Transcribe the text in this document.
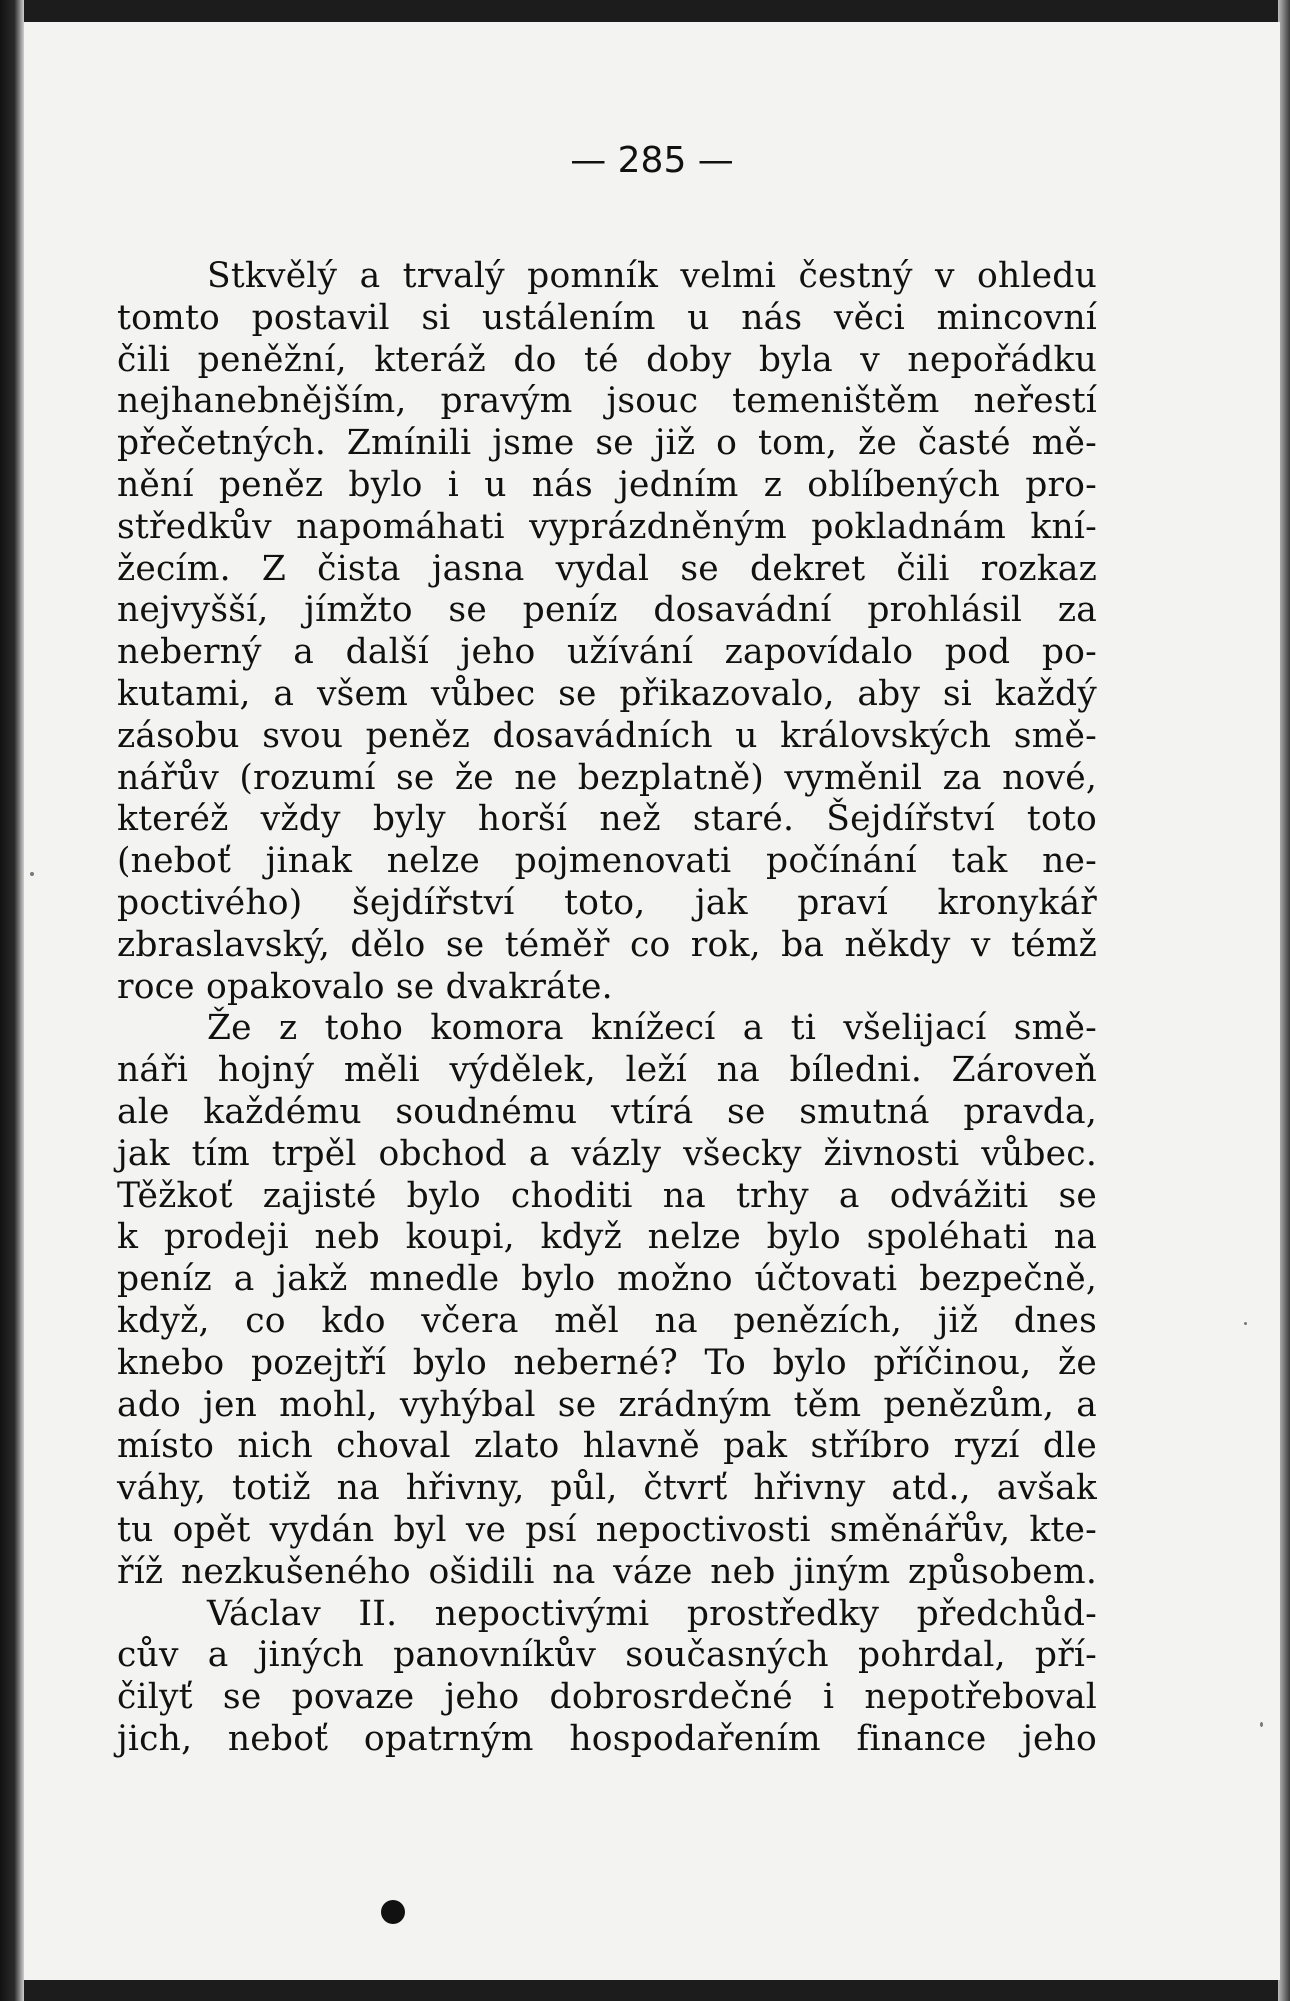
— 285 —
Stkvělý a trvalý pomník velmi čestný v ohledu
tomto postavil si ustálením u nás věci mincovní
čili peněžní, kteráž do té doby byla v nepořádku
nejhanebnějším, pravým jsouc temeništěm neřestí
přečetných. Zmínili jsme se již o tom, že časté mě-
nění peněz bylo i u nás jedním z oblíbených pro-
středkův napomáhati vyprázdněným pokladnám kní-
žecím. Z čista jasna vydal se dekret čili rozkaz
nejvyšší, jímžto se peníz dosavádní prohlásil za
neberný a další jeho užívání zapovídalo pod po-
kutami, a všem vůbec se přikazovalo, aby si každý
zásobu svou peněz dosavádních u královských smě-
nářův (rozumí se že ne bezplatně) vyměnil za nové,
kteréž vždy byly horší než staré. Šejdířství toto
(neboť jinak nelze pojmenovati počínání tak ne-
poctivého) šejdířství toto, jak praví kronykář
zbraslavský, dělo se téměř co rok, ba někdy v témž
roce opakovalo se dvakráte.
Že z toho komora knížecí a ti všelijací smě-
náři hojný měli výdělek, leží na bíledni. Zároveň
ale každému soudnému vtírá se smutná pravda,
jak tím trpěl obchod a vázly všecky živnosti vůbec.
Těžkoť zajisté bylo choditi na trhy a odvážiti se
k prodeji neb koupi, když nelze bylo spoléhati na
peníz a jakž mnedle bylo možno účtovati bezpečně,
když, co kdo včera měl na penězích, již dnes
knebo pozejtří bylo neberné? To bylo příčinou, že
ado jen mohl, vyhýbal se zrádným těm penězům, a
místo nich choval zlato hlavně pak stříbro ryzí dle
váhy, totiž na hřivny, půl, čtvrť hřivny atd., avšak
tu opět vydán byl ve psí nepoctivosti směnářův, kte-
říž nezkušeného ošidili na váze neb jiným způsobem.
Václav II. nepoctivými prostředky předchůd-
cův a jiných panovníkův současných pohrdal, pří-
čilyť se povaze jeho dobrosrdečné i nepotřeboval
jich, neboť opatrným hospodařením finance jeho
